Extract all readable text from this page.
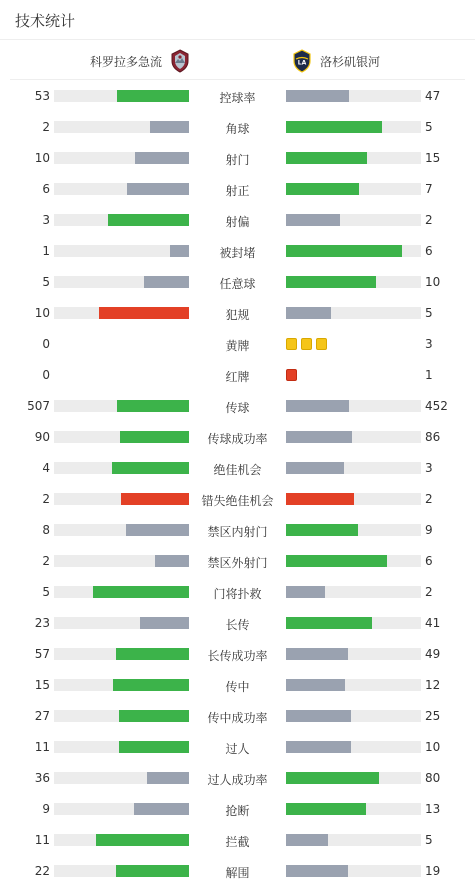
技术统计
科罗拉多急流	LA 洛杉矶银河
53	控球率	47
2	角球	5
10	射门	15
6	射正	7
3	射偏	2
1	被封堵	6
5	任意球	10
10	犯规	5
0	黄牌	3
0	红牌	1
507	传球	452
90	传球成功率	86
4	绝佳机会	3
2	错失绝佳机会	2
8	禁区内射门	9
2	禁区外射门	6
5	门将扑救	2
23	长传	41
57	长传成功率	49
15	传中	12
27	传中成功率	25
11	过人	10
36	过人成功率	80
9	抢断	13
11	拦截	5
22	解围	19
